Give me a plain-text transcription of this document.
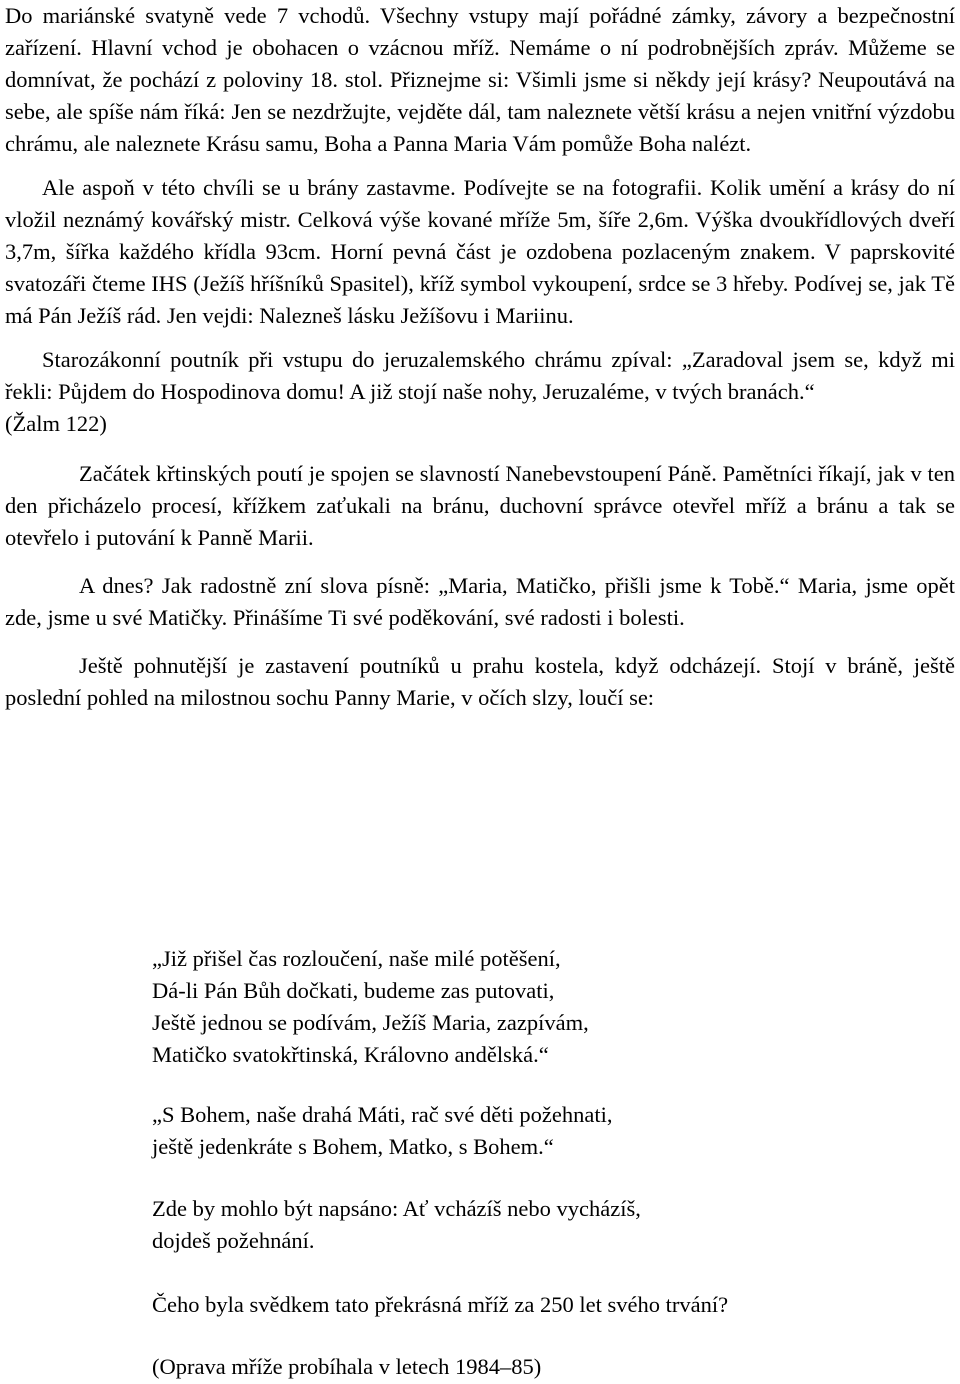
Do mariánské svatyně vede 7 vchodů. Všechny vstupy mají pořádné zámky, závory a bezpečnostní zařízení. Hlavní vchod je obohacen o vzácnou mříž. Nemáme o ní podrobnějších zpráv. Můžeme se domnívat, že pochází z poloviny 18. stol. Přiznejme si: Všimli jsme si někdy její krásy? Neupoutává na sebe, ale spíše nám říká: Jen se nezdržujte, vejděte dál, tam naleznete větší krásu a nejen vnitřní výzdobu chrámu, ale naleznete Krásu samu, Boha a Panna Maria Vám pomůže Boha nalézt.

Ale aspoň v této chvíli se u brány zastavme. Podívejte se na fotografii. Kolik umění a krásy do ní vložil neznámý kovářský mistr. Celková výše kované mříže 5m, šíře 2,6m. Výška dvoukřídlových dveří 3,7m, šířka každého křídla 93cm. Horní pevná část je ozdobena pozlaceným znakem. V paprskovité svatozáři čteme IHS (Ježíš hříšníků Spasitel), kříž symbol vykoupení, srdce se 3 hřeby. Podívej se, jak Tě má Pán Ježíš rád. Jen vejdi: Nalezneš lásku Ježíšovu i Mariinu.

Starozákonní poutník při vstupu do jeruzalemského chrámu zpíval: „Zaradoval jsem se, když mi řekli: Půjdem do Hospodinova domu! A již stojí naše nohy, Jeruzaléme, v tvých branách.“

(Žalm 122)

Začátek křtinských poutí je spojen se slavností Nanebevstoupení Páně. Pamětníci říkají, jak v ten den přicházelo procesí, křížkem zaťukali na bránu, duchovní správce otevřel mříž a bránu a tak se otevřelo i putování k Panně Marii.

A dnes? Jak radostně zní slova písně: „Maria, Matičko, přišli jsme k Tobě.“ Maria, jsme opět zde, jsme u své Matičky. Přinášíme Ti své poděkování, své radosti i bolesti.

Ještě pohnutější je zastavení poutníků u prahu kostela, když odcházejí. Stojí v bráně, ještě poslední pohled na milostnou sochu Panny Marie, v očích slzy, loučí se:

„Již přišel čas rozloučení, naše milé potěšení,
Dá-li Pán Bůh dočkati, budeme zas putovati,
Ještě jednou se podívám, Ježíš Maria, zazpívám,
Matičko svatokřtinská, Královno andělská.“
„S Bohem, naše drahá Máti, rač své děti požehnati,
ještě jedenkráte s Bohem, Matko, s Bohem.“
Zde by mohlo být napsáno: Ať vcházíš nebo vycházíš,
dojdeš požehnání.
Čeho byla svědkem tato překrásná mříž za 250 let svého trvání?
(Oprava mříže probíhala v letech 1984–85)
